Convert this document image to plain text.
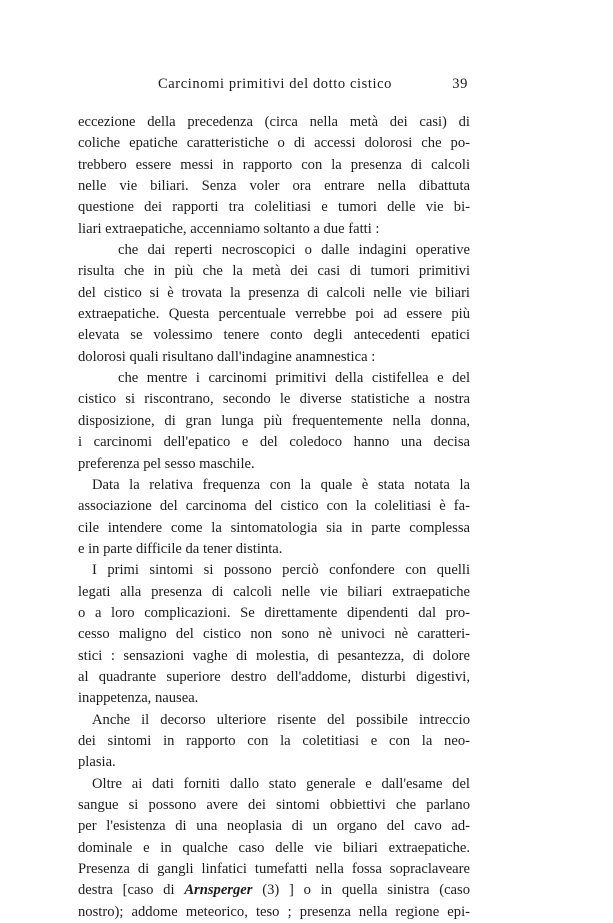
Carcinomi primitivi del dotto cistico	39
eccezione della precedenza (circa nella metà dei casi) di
coliche epatiche caratteristiche o di accessi dolorosi che po-
trebbero essere messi in rapporto con la presenza di calcoli
nelle vie biliari. Senza voler ora entrare nella dibattuta
questione dei rapporti tra colelitiasi e tumori delle vie bi-
liari extraepatiche, accenniamo soltanto a due fatti :
che dai reperti necroscopici o dalle indagini operative
risulta che in più che la metà dei casi di tumori primitivi
del cistico si è trovata la presenza di calcoli nelle vie biliari
extraepatiche. Questa percentuale verrebbe poi ad essere più
elevata se volessimo tenere conto degli antecedenti epatici
dolorosi quali risultano dall'indagine anamnestica :
che mentre i carcinomi primitivi della cistifellea e del
cistico si riscontrano, secondo le diverse statistiche a nostra
disposizione, di gran lunga più frequentemente nella donna,
i carcinomi dell'epatico e del coledoco hanno una decisa
preferenza pel sesso maschile.
Data la relativa frequenza con la quale è stata notata la
associazione del carcinoma del cistico con la colelitiasi è fa-
cile intendere come la sintomatologia sia in parte complessa
e in parte difficile da tener distinta.
I primi sintomi si possono perciò confondere con quelli
legati alla presenza di calcoli nelle vie biliari extraepatiche
o a loro complicazioni. Se direttamente dipendenti dal pro-
cesso maligno del cistico non sono nè univoci nè caratteri-
stici : sensazioni vaghe di molestia, di pesantezza, di dolore
al quadrante superiore destro dell'addome, disturbi digestivi,
inappetenza, nausea.
Anche il decorso ulteriore risente del possibile intreccio
dei sintomi in rapporto con la coletitiasi e con la neo-
plasia.
Oltre ai dati forniti dallo stato generale e dall'esame del
sangue si possono avere dei sintomi obbiettivi che parlano
per l'esistenza di una neoplasia di un organo del cavo ad-
dominale e in qualche caso delle vie biliari extraepatiche.
Presenza di gangli linfatici tumefatti nella fossa sopraclaveare
destra [caso di Arnsperger (3) ] o in quella sinistra (caso
nostro); addome meteorico, teso ; presenza nella regione epi-
